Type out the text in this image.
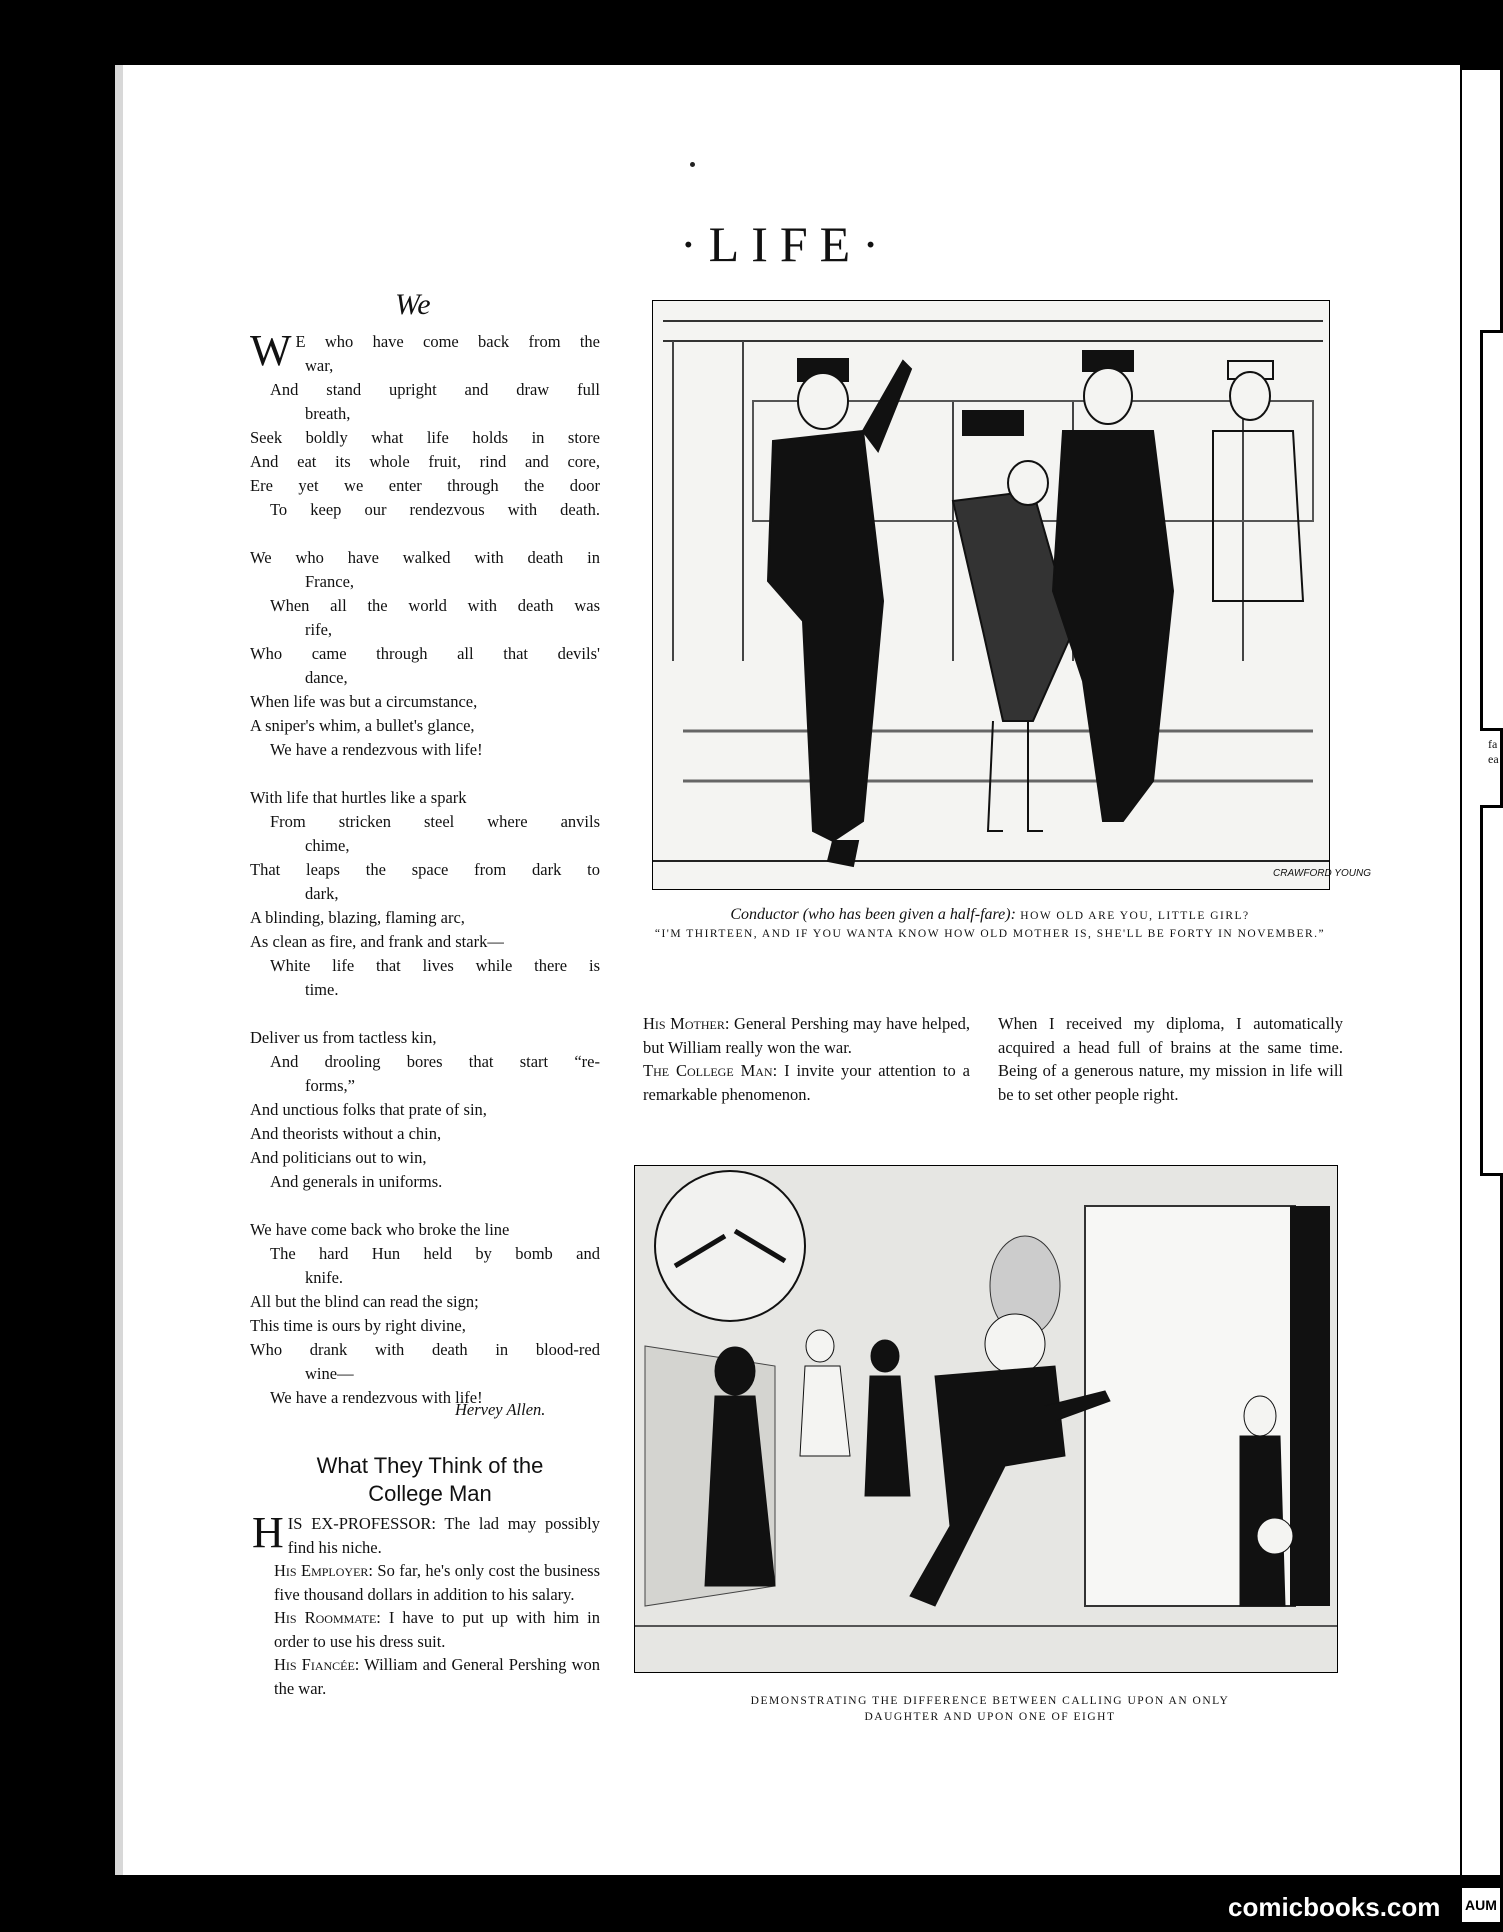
fa
ea
·LIFE·
We
W E who have come back from the
war,
And stand upright and draw full
breath,
Seek boldly what life holds in store
And eat its whole fruit, rind and core,
Ere yet we enter through the door
To keep our rendezvous with death.
We who have walked with death in
France,
When all the world with death was
rife,
Who came through all that devils'
dance,
When life was but a circumstance,
A sniper's whim, a bullet's glance,
We have a rendezvous with life!
With life that hurtles like a spark
From stricken steel where anvils
chime,
That leaps the space from dark to
dark,
A blinding, blazing, flaming arc,
As clean as fire, and frank and stark—
White life that lives while there is
time.
Deliver us from tactless kin,
And drooling bores that start “re-
forms,”
And unctious folks that prate of sin,
And theorists without a chin,
And politicians out to win,
And generals in uniforms.
We have come back who broke the line
The hard Hun held by bomb and
knife.
All but the blind can read the sign;
This time is ours by right divine,
Who drank with death in blood-red
wine—
We have a rendezvous with life!
Hervey Allen.
What They Think of the
College Man

HIS EX-PROFESSOR: The lad may possibly find his niche.

His Employer: So far, he's only cost the business five thousand dollars in addition to his salary.

His Roommate: I have to put up with him in order to use his dress suit.

His Fiancée: William and General Pershing won the war.

CRAWFORD YOUNG
Conductor (who has been given a half-fare): HOW OLD ARE YOU, LITTLE GIRL?
“I'M THIRTEEN, AND IF YOU WANTA KNOW HOW OLD MOTHER IS, SHE'LL BE FORTY IN NOVEMBER.”

His Mother: General Pershing may have helped, but William really won the war.

The College Man: I invite your attention to a remarkable phenomenon.

When I received my diploma, I automatically acquired a head full of brains at the same time. Being of a generous nature, my mission in life will be to set other people right.

DEMONSTRATING THE DIFFERENCE BETWEEN CALLING UPON AN ONLY
DAUGHTER AND UPON ONE OF EIGHT
comicbooks.com AUM
